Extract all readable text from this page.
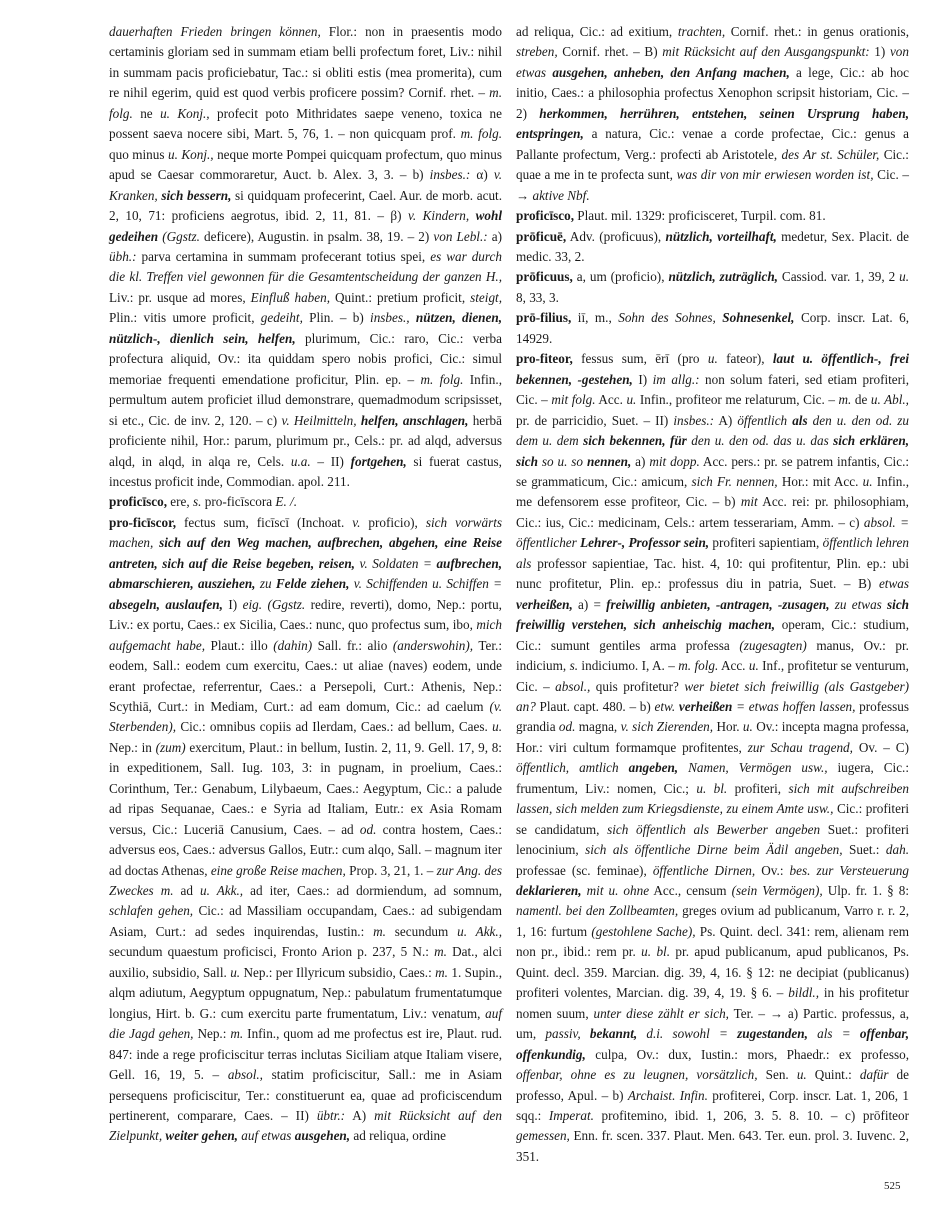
dauerhaften Frieden bringen können, Flor.: non in praesentis modo certaminis gloriam sed in summam etiam belli profectum foret, Liv.: nihil in summam pacis proficiebatur, Tac.: si obliti estis (mea promerita), cum re nihil egerim, quid est quod verbis proficere possim? Cornif. rhet. – m. folg. ne u. Konj., profecit poto Mithridates saepe veneno, toxica ne possent saeva nocere sibi, Mart. 5, 76, 1. – non quicquam prof. m. folg. quo minus u. Konj., neque morte Pompei quicquam profectum, quo minus apud se Caesar commoraretur, Auct. b. Alex. 3, 3. – b) insbes.: α) v. Kranken, sich bessern, si quidquam profecerint, Cael. Aur. de morb. acut. 2, 10, 71: proficiens aegrotus, ibid. 2, 11, 81. – β) v. Kindern, wohl gedeihen (Ggstz. deficere), Augustin. in psalm. 38, 19. – 2) von Lebl.: a) übh.: parva certamina in summam profecerant totius spei, es war durch die kl. Treffen viel gewonnen für die Gesamtentscheidung der ganzen H., Liv.: pr. usque ad mores, Einfluß haben, Quint.: pretium proficit, steigt, Plin.: vitis umore proficit, gedeiht, Plin. – b) insbes., nützen, dienen, nützlich-, dienlich sein, helfen, plurimum, Cic.: raro, Cic.: verba profectura aliquid, Ov.: ita quiddam spero nobis profici, Cic.: simul memoriae frequenti emendatione proficitur, Plin. ep. – m. folg. Infin., permultum autem proficiet illud demonstrare, quemadmodum scripsisset, si etc., Cic. de inv. 2, 120. – c) v. Heilmitteln, helfen, anschlagen, herbā proficiente nihil, Hor.: parum, plurimum pr., Cels.: pr. ad alqd, adversus alqd, in alqd, in alqa re, Cels. u.a. – II) fortgehen, si fuerat castus, incestus proficit inde, Commodian. apol. 211.

proficīsco, ere, s. pro-ficīscora E. /.

pro-ficīscor, fectus sum, ficīscī (Inchoat. v. proficio), sich vorwärts machen, sich auf den Weg machen, aufbrechen, abgehen, eine Reise antreten, sich auf die Reise begeben, reisen, v. Soldaten = aufbrechen, abmarschieren, ausziehen, zu Felde ziehen, v. Schiffenden u. Schiffen = absegeln, auslaufen, I) eig. (Ggstz. redire, reverti), domo, Nep.: portu, Liv.: ex portu, Caes.: ex Sicilia, Caes.: nunc, quo profectus sum, ibo, mich aufgemacht habe, Plaut.: illo (dahin) Sall. fr.: alio (anderswohin), Ter.: eodem, Sall.: eodem cum exercitu, Caes.: ut aliae (naves) eodem, unde erant profectae, referrentur, Caes.: a Persepoli, Curt.: Athenis, Nep.: Scythiā, Curt.: in Mediam, Curt.: ad eam domum, Cic.: ad caelum (v. Sterbenden), Cic.: omnibus copiis ad Ilerdam, Caes.: ad bellum, Caes. u. Nep.: in (zum) exercitum, Plaut.: in bellum, Iustin. 2, 11, 9. Gell. 17, 9, 8: in expeditionem, Sall. Iug. 103, 3: in pugnam, in proelium, Caes.: Corinthum, Ter.: Genabum, Lilybaeum, Caes.: Aegyptum, Cic.: a palude ad ripas Sequanae, Caes.: e Syria ad Italiam, Eutr.: ex Asia Romam versus, Cic.: Luceriā Canusium, Caes. – ad od. contra hostem, Caes.: adversus eos, Caes.: adversus Gallos, Eutr.: cum alqo, Sall. – magnum iter ad doctas Athenas, eine große Reise machen, Prop. 3, 21, 1. – zur Ang. des Zweckes m. ad u. Akk., ad iter, Caes.: ad dormiendum, ad somnum, schlafen gehen, Cic.: ad Massiliam occupandam, Caes.: ad subigendam Asiam, Curt.: ad sedes inquirendas, Iustin.: m. secundum u. Akk., secundum quaestum proficisci, Fronto Arion p. 237, 5 N.: m. Dat., alci auxilio, subsidio, Sall. u. Nep.: per Illyricum subsidio, Caes.: m. 1. Supin., alqm adiutum, Aegyptum oppugnatum, Nep.: pabulatum frumentatumque longius, Hirt. b. G.: cum exercitu parte frumentatum, Liv.: venatum, auf die Jagd gehen, Nep.: m. Infin., quom ad me profectus est ire, Plaut. rud. 847: inde a rege proficiscitur terras inclutas Siciliam atque Italiam visere, Gell. 16, 19, 5. – absol., statim proficiscitur, Sall.: me in Asiam persequens proficiscitur, Ter.: constituerunt ea, quae ad proficiscendum pertinerent, comparare, Caes. – II) übtr.: A) mit Rücksicht auf den Zielpunkt, weiter gehen, auf etwas ausgehen, ad reliqua, ordine

ad reliqua, Cic.: ad exitium, trachten, Cornif. rhet.: in genus orationis, streben, Cornif. rhet. – B) mit Rücksicht auf den Ausgangspunkt: 1) von etwas ausgehen, anheben, den Anfang machen, a lege, Cic.: ab hoc initio, Caes.: a philosophia profectus Xenophon scripsit historiam, Cic. – 2) herkommen, herrühren, entstehen, seinen Ursprung haben, entspringen, a natura, Cic.: venae a corde profectae, Cic.: genus a Pallante profectum, Verg.: profecti ab Aristotele, des Ar st. Schüler, Cic.: quae a me in te profecta sunt, was dir von mir erwiesen worden ist, Cic. – → aktive Nbf.

proficīsco, Plaut. mil. 1329: proficisceret, Turpil. com. 81.

prōficuē, Adv. (proficuus), nützlich, vorteilhaft, medetur, Sex. Placit. de medic. 33, 2.

prōficuus, a, um (proficio), nützlich, zuträglich, Cassiod. var. 1, 39, 2 u. 8, 33, 3.

prō-filius, iī, m., Sohn des Sohnes, Sohnesenkel, Corp. inscr. Lat. 6, 14929.

pro-fiteor, fessus sum, ērī (pro u. fateor), laut u. öffentlich-, frei bekennen, -gestehen, I) im allg.: non solum fateri, sed etiam profiteri, Cic. – mit folg. Acc. u. Infin., profiteor me relaturum, Cic. – m. de u. Abl., pr. de parricidio, Suet. – II) insbes.: A) öffentlich als den u. den od. zu dem u. dem sich bekennen, für den u. den od. das u. das sich erklären, sich so u. so nennen, a) mit dopp. Acc. pers.: pr. se patrem infantis, Cic.: se grammaticum, Cic.: amicum, sich Fr. nennen, Hor.: mit Acc. u. Infin., me defensorem esse profiteor, Cic. – b) mit Acc. rei: pr. philosophiam, Cic.: ius, Cic.: medicinam, Cels.: artem tesserariam, Amm. – c) absol. = öffentlicher Lehrer-, Professor sein, profiteri sapientiam, öffentlich lehren als professor sapientiae, Tac. hist. 4, 10: qui profitentur, Plin. ep.: ubi nunc profitetur, Plin. ep.: professus diu in patria, Suet. – B) etwas verheißen, a) = freiwillig anbieten, -antragen, -zusagen, zu etwas sich freiwillig verstehen, sich anheischig machen, operam, Cic.: studium, Cic.: sumunt gentiles arma professa (zugesagten) manus, Ov.: pr. indicium, s. indiciumo. I, A. – m. folg. Acc. u. Inf., profitetur se venturum, Cic. – absol., quis profitetur? wer bietet sich freiwillig (als Gastgeber) an? Plaut. capt. 480. – b) etw. verheißen = etwas hoffen lassen, professus grandia od. magna, v. sich Zierenden, Hor. u. Ov.: incepta magna professa, Hor.: viri cultum formamque profitentes, zur Schau tragend, Ov. – C) öffentlich, amtlich angeben, Namen, Vermögen usw., iugera, Cic.: frumentum, Liv.: nomen, Cic.; u. bl. profiteri, sich mit aufschreiben lassen, sich melden zum Kriegsdienste, zu einem Amte usw., Cic.: profiteri se candidatum, sich öffentlich als Bewerber angeben Suet.: profiteri lenocinium, sich als öffentliche Dirne beim Ädil angeben, Suet.: dah. professae (sc. feminae), öffentliche Dirnen, Ov.: bes. zur Versteuerung deklarieren, mit u. ohne Acc., censum (sein Vermögen), Ulp. fr. 1. § 8: namentl. bei den Zollbeamten, greges ovium ad publicanum, Varro r. r. 2, 1, 16: furtum (gestohlene Sache), Ps. Quint. decl. 341: rem, alienam rem non pr., ibid.: rem pr. u. bl. pr. apud publicanum, apud publicanos, Ps. Quint. decl. 359. Marcian. dig. 39, 4, 16. § 12: ne decipiat (publicanus) profiteri volentes, Marcian. dig. 39, 4, 19. § 6. – bildl., in his profitetur nomen suum, unter diese zählt er sich, Ter. – → a) Partic. professus, a, um, passiv, bekannt, d.i. sowohl = zugestanden, als = offenbar, offenkundig, culpa, Ov.: dux, Iustin.: mors, Phaedr.: ex professo, offenbar, ohne es zu leugnen, vorsätzlich, Sen. u. Quint.: dafür de professo, Apul. – b) Archaist. Infin. profiterei, Corp. inscr. Lat. 1, 206, 1 sqq.: Imperat. profitemino, ibid. 1, 206, 3. 5. 8. 10. – c) prōfiteor gemessen, Enn. fr. scen. 337. Plaut. Men. 643. Ter. eun. prol. 3. Iuvenc. 2, 351.

525
